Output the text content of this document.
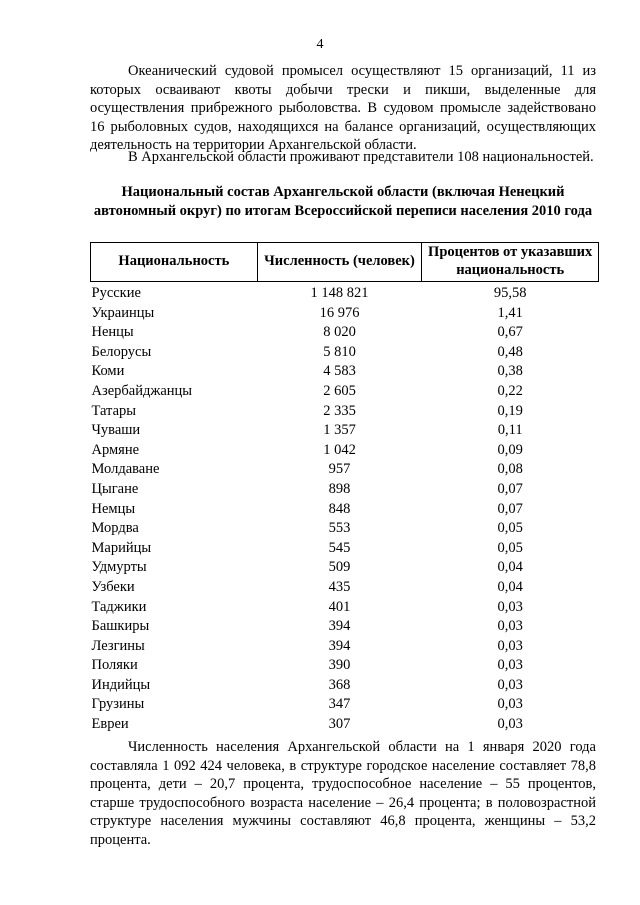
4

Океанический судовой промысел осуществляют 15 организаций, 11 из которых осваивают квоты добычи трески и пикши, выделенные для осуществления прибрежного рыболовства. В судовом промысле задействовано 16 рыболовных судов, находящихся на балансе организаций, осуществляющих деятельность на территории Архангельской области.

В Архангельской области проживают представители 108 национальностей.

Национальный состав Архангельской области (включая Ненецкий автономный округ) по итогам Всероссийской переписи населения 2010 года

Национальность	Численность (человек)	Процентов от указавших национальность
Русские	1 148 821	95,58
Украинцы	16 976	1,41
Ненцы	8 020	0,67
Белорусы	5 810	0,48
Коми	4 583	0,38
Азербайджанцы	2 605	0,22
Татары	2 335	0,19
Чуваши	1 357	0,11
Армяне	1 042	0,09
Молдаване	957	0,08
Цыгане	898	0,07
Немцы	848	0,07
Мордва	553	0,05
Марийцы	545	0,05
Удмурты	509	0,04
Узбеки	435	0,04
Таджики	401	0,03
Башкиры	394	0,03
Лезгины	394	0,03
Поляки	390	0,03
Индийцы	368	0,03
Грузины	347	0,03
Евреи	307	0,03

Численность населения Архангельской области на 1 января 2020 года составляла 1 092 424 человека, в структуре городское население составляет 78,8 процента, дети – 20,7 процента, трудоспособное население – 55 процентов, старше трудоспособного возраста население – 26,4 процента; в половозрастной структуре населения мужчины составляют 46,8 процента, женщины – 53,2 процента.
